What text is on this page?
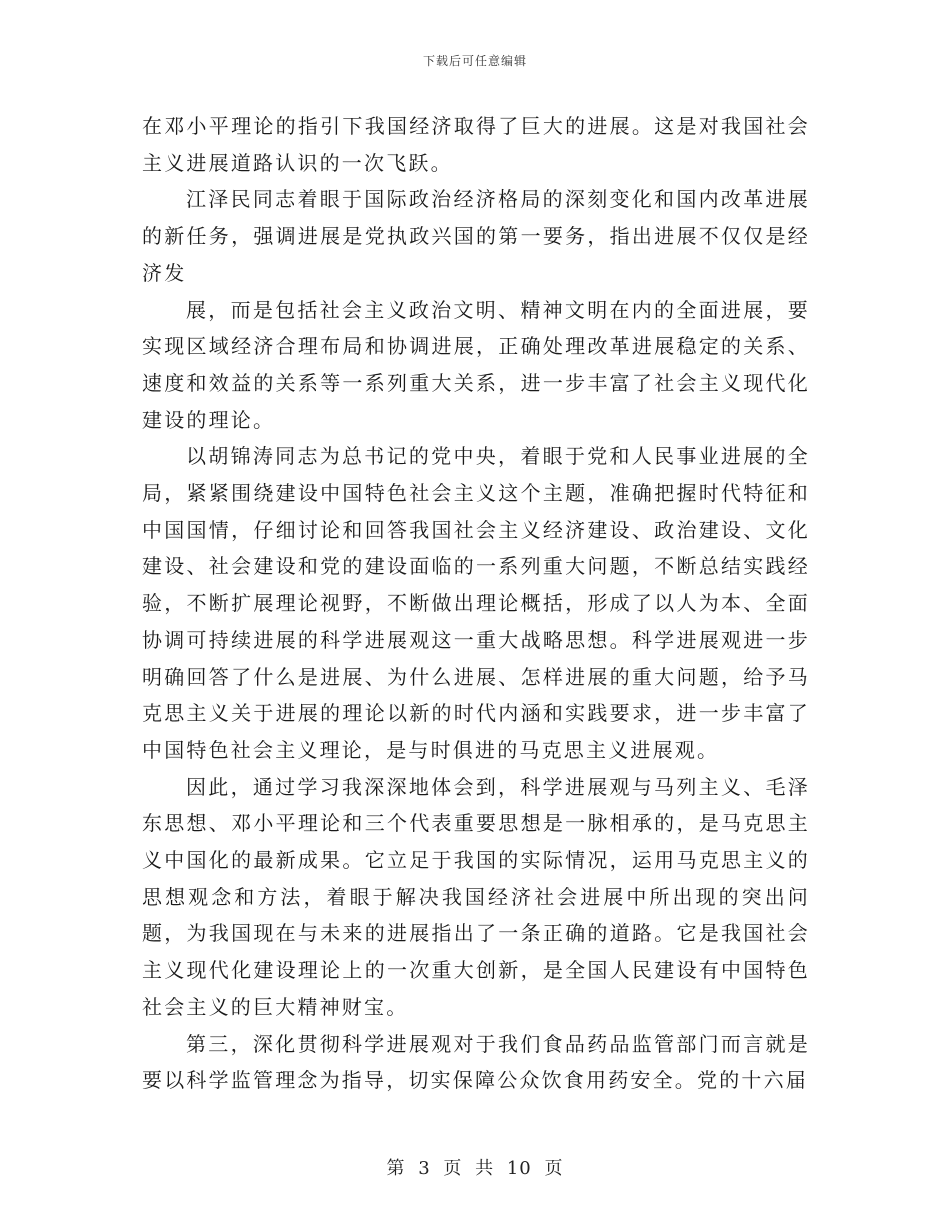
下载后可任意编辑

在邓小平理论的指引下我国经济取得了巨大的进展。这是对我国社会主义进展道路认识的一次飞跃。

江泽民同志着眼于国际政治经济格局的深刻变化和国内改革进展的新任务，强调进展是党执政兴国的第一要务，指出进展不仅仅是经济发

展，而是包括社会主义政治文明、精神文明在内的全面进展，要实现区域经济合理布局和协调进展，正确处理改革进展稳定的关系、速度和效益的关系等一系列重大关系，进一步丰富了社会主义现代化建设的理论。

以胡锦涛同志为总书记的党中央，着眼于党和人民事业进展的全局，紧紧围绕建设中国特色社会主义这个主题，准确把握时代特征和中国国情，仔细讨论和回答我国社会主义经济建设、政治建设、文化建设、社会建设和党的建设面临的一系列重大问题，不断总结实践经验，不断扩展理论视野，不断做出理论概括，形成了以人为本、全面协调可持续进展的科学进展观这一重大战略思想。科学进展观进一步明确回答了什么是进展、为什么进展、怎样进展的重大问题，给予马克思主义关于进展的理论以新的时代内涵和实践要求，进一步丰富了中国特色社会主义理论，是与时俱进的马克思主义进展观。

因此，通过学习我深深地体会到，科学进展观与马列主义、毛泽东思想、邓小平理论和三个代表重要思想是一脉相承的，是马克思主义中国化的最新成果。它立足于我国的实际情况，运用马克思主义的思想观念和方法，着眼于解决我国经济社会进展中所出现的突出问题，为我国现在与未来的进展指出了一条正确的道路。它是我国社会主义现代化建设理论上的一次重大创新，是全国人民建设有中国特色社会主义的巨大精神财宝。

第三，深化贯彻科学进展观对于我们食品药品监管部门而言就是要以科学监管理念为指导，切实保障公众饮食用药安全。党的十六届

第 3 页 共 10 页
